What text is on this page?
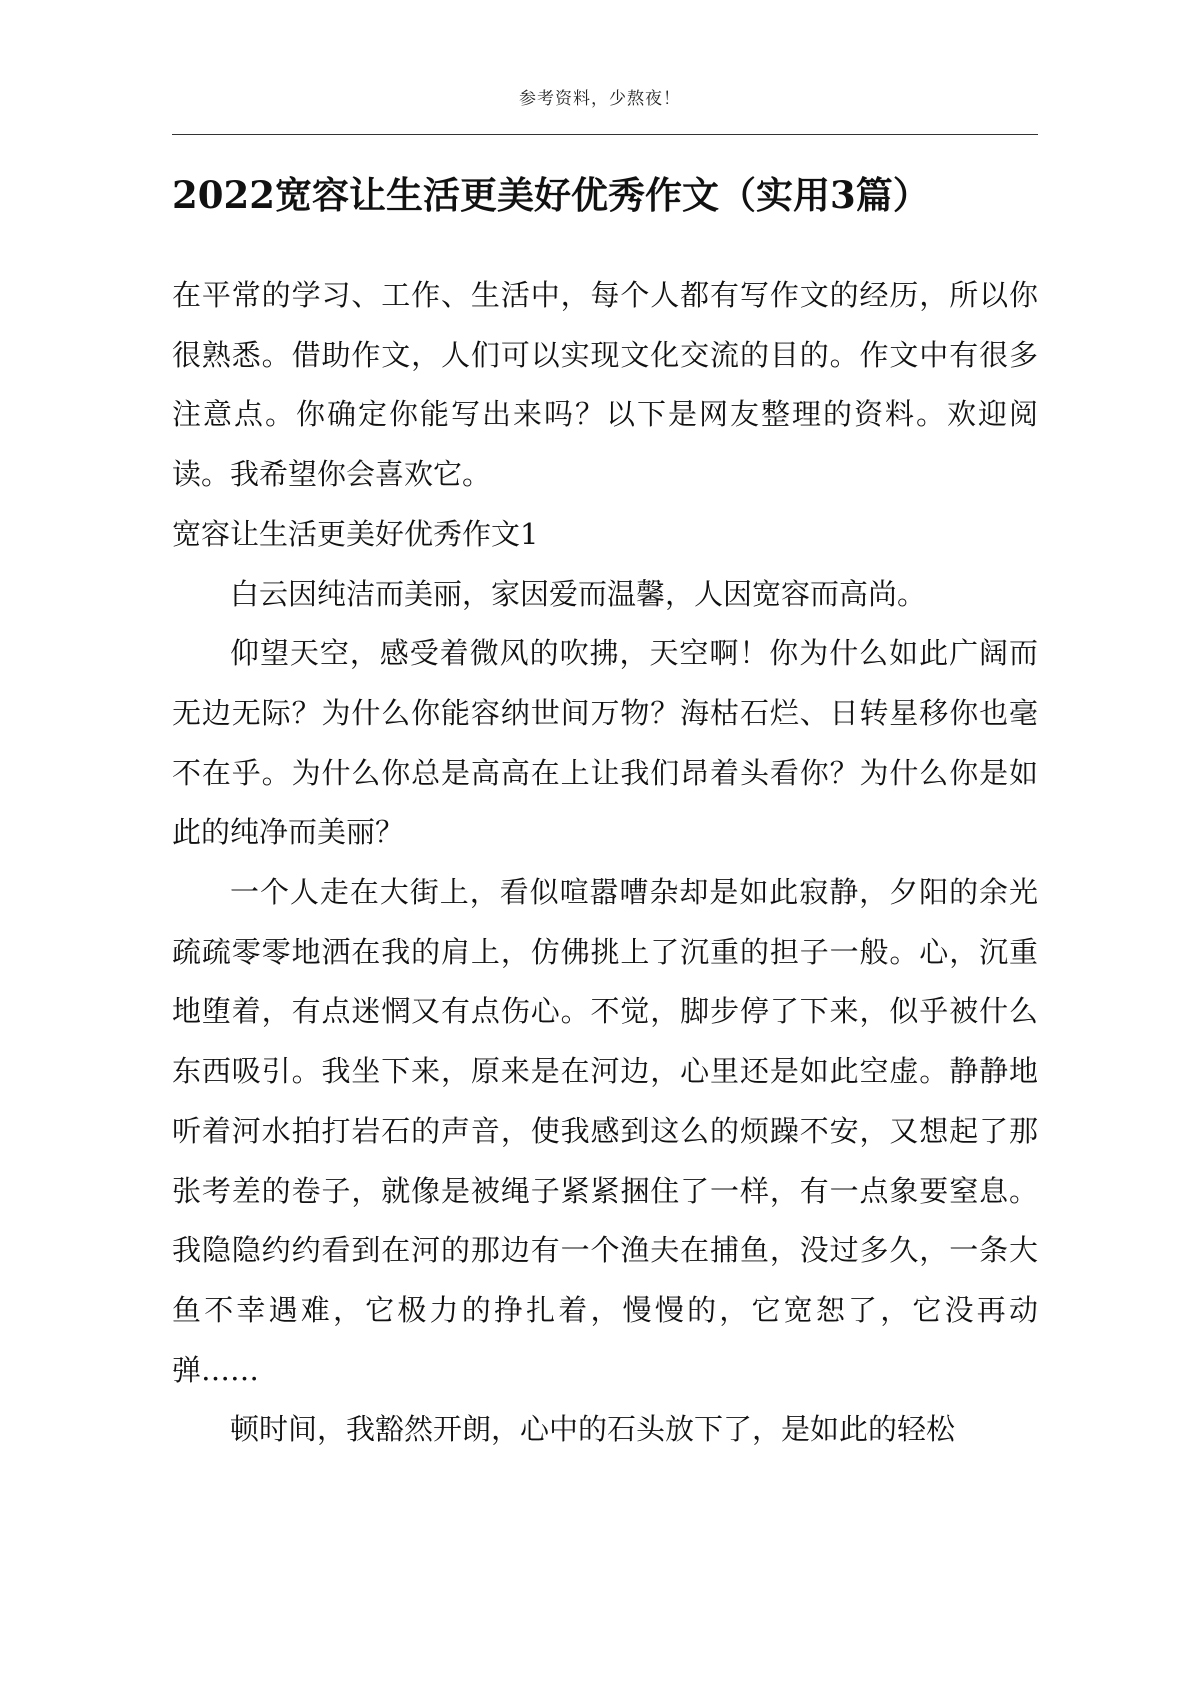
参考资料，少熬夜！
2022宽容让生活更美好优秀作文（实用3篇）

在平常的学习、工作、生活中，每个人都有写作文的经历，所以你很熟悉。借助作文，人们可以实现文化交流的目的。作文中有很多注意点。你确定你能写出来吗？以下是网友整理的资料。欢迎阅读。我希望你会喜欢它。

宽容让生活更美好优秀作文1

白云因纯洁而美丽，家因爱而温馨，人因宽容而高尚。

仰望天空，感受着微风的吹拂，天空啊！你为什么如此广阔而无边无际？为什么你能容纳世间万物？海枯石烂、日转星移你也毫不在乎。为什么你总是高高在上让我们昂着头看你？为什么你是如此的纯净而美丽？

一个人走在大街上，看似喧嚣嘈杂却是如此寂静，夕阳的余光疏疏零零地洒在我的肩上，仿佛挑上了沉重的担子一般。心，沉重地堕着，有点迷惘又有点伤心。不觉，脚步停了下来，似乎被什么东西吸引。我坐下来，原来是在河边，心里还是如此空虚。静静地听着河水拍打岩石的声音，使我感到这么的烦躁不安，又想起了那张考差的卷子，就像是被绳子紧紧捆住了一样，有一点象要窒息。我隐隐约约看到在河的那边有一个渔夫在捕鱼，没过多久，一条大鱼不幸遇难，它极力的挣扎着，慢慢的，它宽恕了，它没再动弹……

顿时间，我豁然开朗，心中的石头放下了，是如此的轻松
